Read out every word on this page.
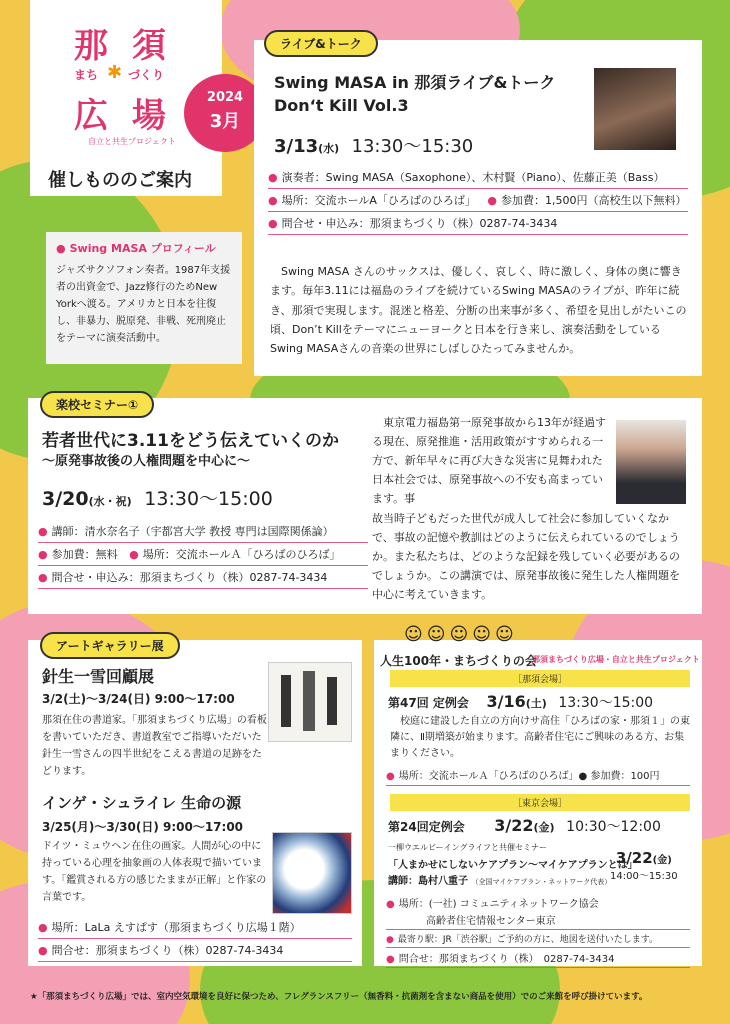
那 須
まち ✱ づくり
広 場
自立と共生プロジェクト
催しもののご案内
2024
3月
● Swing MASA プロフィール

ジャズサクソフォン奏者。1987年支援者の出資金で、Jazz修行のためNew Yorkへ渡る。アメリカと日本を往復し、非暴力、脱原発、非戦、死刑廃止をテーマに演奏活動中。

Swing MASA in 那須ライブ&トーク
Don‘t Kill Vol.3
3/13(水) 13:30～15:30
● 演奏者：Swing MASA（Saxophone）、木村賢（Piano）、佐藤正美（Bass）
● 場所：交流ホールA「ひろばのひろば」 ● 参加費：1,500円（高校生以下無料）
● 問合せ・申込み：那須まちづくり（株）0287-74-3434

Swing MASA さんのサックスは、優しく、哀しく、時に激しく、身体の奥に響きます。毎年3.11には福島のライブを続けているSwing MASAのライブが、昨年に続き、那須で実現します。混迷と格差、分断の出来事が多く、希望を見出しがたいこの頃、Don’t Killをテーマにニューヨークと日本を行き来し、演奏活動をしているSwing MASAさんの音楽の世界にしばしひたってみませんか。

ライブ&トーク
若者世代に3.11をどう伝えていくのか
～原発事故後の人権問題を中心に～
3/20(水・祝) 13:30～15:00
● 講師：清水奈名子（宇都宮大学 教授 専門は国際関係論）
● 参加費：無料 ● 場所：交流ホールＡ「ひろばのひろば」
● 問合せ・申込み：那須まちづくり（株）0287-74-3434

東京電力福島第一原発事故から13年が経過する現在、原発推進・活用政策がすすめられる一方で、新年早々に再び大きな災害に見舞われた日本社会では、原発事故への不安も高まっています。事

故当時子どもだった世代が成人して社会に参加していくなかで、事故の記憶や教訓はどのように伝えられているのでしょうか。また私たちは、どのような記録を残していく必要があるのでしょうか。この講演では、原発事故後に発生した人権問題を中心に考えていきます。

楽校セミナー①
針生一雪回顧展
3/2(土)～3/24(日) 9:00～17:00

那須在住の書道家。「那須まちづくり広場」の看板を書いていただき、書道教室でご指導いただいた針生一雪さんの四半世紀をこえる書道の足跡をたどります。

インゲ・シュライレ 生命の源
3/25(月)～3/30(日) 9:00～17:00

ドイツ・ミュウヘン在住の画家。人間が心の中に持っている心理を抽象画の人体表現で描いています。「鑑賞される方の感じたままが正解」と作家の言葉です。

● 場所：LaLa えすぱす（那須まちづくり広場１階）
● 問合せ：那須まちづくり（株）0287-74-3434
アートギャラリー展
☺☺☺☺☺
人生100年・まちづくりの会
那須まちづくり広場・自立と共生プロジェクト
［那須会場］
第47回 定例会 3/16(土) 13:30～15:00

校庭に建設した自立の方向けサ高住「ひろばの家・那須１」の東隣に、Ⅱ期増築が始まります。高齢者住宅にご興味のある方、お集まりください。

● 場所：交流ホールＡ「ひろばのひろば」● 参加費：100円
［東京会場］
第24回定例会 3/22(金) 10:30～12:00
一柳ウエルビーイングライフと共催セミナー
「人まかせにしないケアプラン～マイケアプランとは」
講師：島村八重子 （全国マイケアプラン・ネットワーク代表）
3/22(金)
14:00～15:30
● 場所：(一社) コミュニティネットワーク協会
高齢者住宅情報センター東京
● 最寄り駅：JR「渋谷駅」ご予約の方に、地図を送付いたします。
● 問合せ：那須まちづくり（株）　0287-74-3434
★「那須まちづくり広場」では、室内空気環境を良好に保つため、フレグランスフリー（無香料・抗菌剤を含まない商品を使用）でのご来館を呼び掛けています。
